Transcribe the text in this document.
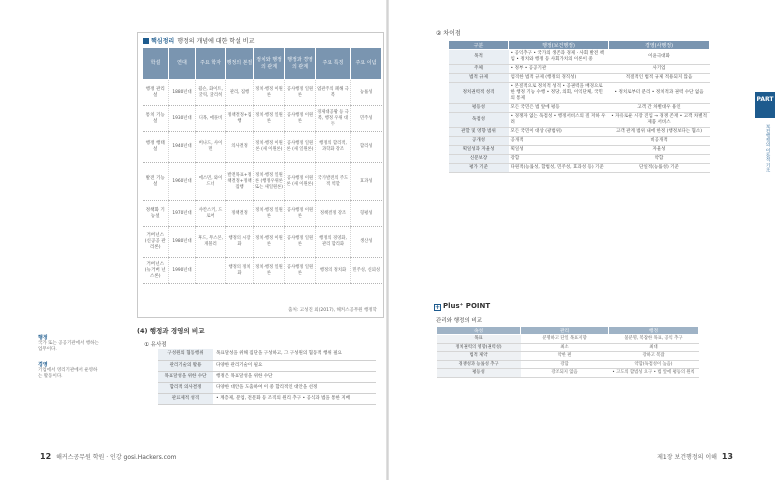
행정
국가 또는 공공기관에서 행하는 업무이다.
경영
기업에서 영리기관에서 운영하는 활동이다.
핵심정리 행정의 개념에 대한 학설 비교
학설	연대	주요 학자	행정의 본질	정치와 행정의 관계	행정과 경영의 관계	주요 특징	주요 이념
행정 관리설	1880년대	윌슨, 화이트, 굴릭, 귤리히	관리, 집행	정치·행정 이원론	공사행정 일원론	엽관주의 폐해 극복	능률성
통치 기능설	1930년대	디목, 애플비	정책결정+집행	정치·행정 일원론	공사행정 이원론	경제대공황 등 극복, 행정 우위 대두	민주성
행정 행태설	1940년대	버나드, 사이먼	의사결정	정치·행정 이원론 (새 이원론)	공사행정 일원론 (새 일원론)	행정의 합리적, 과학화 강조	합리성
발전 기능설	1960년대	에스먼, 와이드너	발전목표+정책결정+정책집행	정치·행정 일원론 (행정우위론 또는 새일원론)	공사행정 이원론 (새 이원론)	국가발전의 주도적 역할	효과성
정책화 기능설	1970년대	샤칸스키, 드로어	정책결정	정치·행정 일원론	공사행정 이원론	정책결정 강조	형평성
거버넌스 (신공공 관리론)	1980년대	후드, 무스본, 게블러	행정의 시장화	정치·행정 이원론	공사행정 일원론	행정의 경영화, 관리 합리화	생산성
거버넌스 (뉴거버 넌스론)	1990년대		행정의 정치화	정치·행정 일원론	공사행정 일원론	행정의 정치화	민주성, 신뢰성
출처: 고성진 외(2017), 해커스공무원 행정학
(4) 행정과 경영의 비교
① 유사점
구성원의 협동행위	목표달성을 위해 집단을 구성하고, 그 구성원의 협동적 행위 필요
관리기술의 활용	다양한 관리기술이 필요
목표달성을 위한 수단	행정은 목표달성을 위한 수단
합리적 의사결정	다양한 대안을 도출하여 이 중 합리적인 대안을 선정
관료제적 성격	• 계층제, 분업, 전문화 등 조직의 원리 추구 • 공식과 법을 통한 지배
12 해커스공무원 학원 · 인강 gosi.Hackers.com
② 차이점
구분	행정(보건행정)	경영(사행정)
목적	• 공익추구 • 국가의 생존과 경제 · 사회 발전 책임 • 정치와 행정 등 사회가치의 이론이 중	이윤극대화
주체	• 정부 • 공공기관	사기업
법적 규제	엄격한 법적 규제 (행정의 경직성)	적절적인 법적 규제 적용되지 않음
정치권력적 성격	• 본질적으로 정치적 성격 • 공권력을 배경으로 한 행정 기능 수행 • 정당, 의회, 이익단체, 국민의 통제	• 정치로부터 분리 • 정치적과 권력 수단 없음
평등성	모든 국민은 법 앞에 평등	고객 간 차별대우 용인
독점성	• 경쟁자 없는 독점성 • 행정서비스의 질 저하 우려	• 자유로운 시장 진입 → 경쟁 존재 • 고객 차별적 제품 서비스
관할 및 영향 범위	모든 국민이 대상 (광범위)	고객 관계 범위 내에 한정 (행정보다는 협소)
공개성	공개적	비공개적
획일성과 자율성	획일성	자율성
신분보장	강함	약함
평가 기준	다원적(능률성, 합법성, 민주성, 효과성 등) 기준	단일적(능률성) 기준
+ Plus⁺ POINT
관리와 행정의 비교
속성	관리	행정
목표	분명하고 단일 목표지향	불분명, 복잡한 목표, 공익 추구
정치권력의 영향(권력성)	최소	최대
법적 제약	약한 편	강하고 복잡
경쟁성과 능률성 추구	강함	약함(독점성이 높음)
평등성	강조되지 않음	• 고도의 합법성 요구 • 법 앞에 평등의 원칙
PART
보건행정의 이론적 기초
제1장 보건행정의 이해 13
